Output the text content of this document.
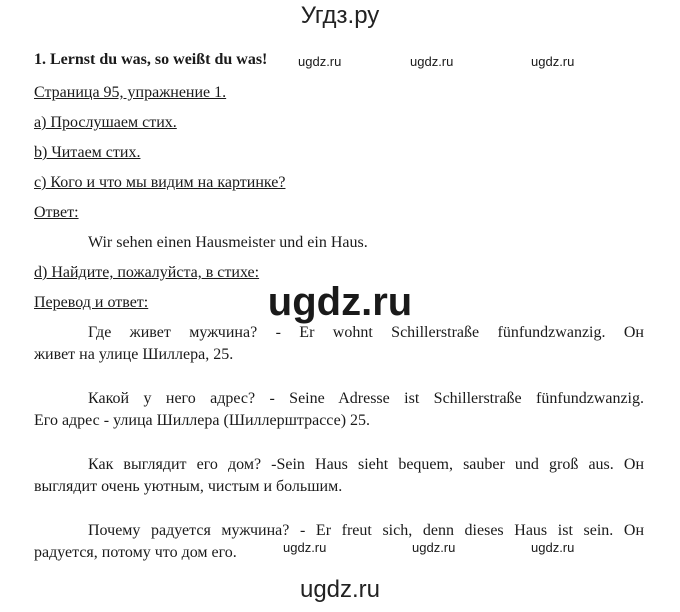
Угдз.ру
1. Lernst du was, so weißt du was! ugdz.ru	ugdz.ru	ugdz.ru
Страница 95, упражнение 1.
a) Прослушаем стих.
b) Читаем стих.
c) Кого и что мы видим на картинке?
Ответ:
Wir sehen einen Hausmeister und ein Haus.
d) Найдите, пожалуйста, в стихе:
Перевод и ответ:	ugdz.ru
Где живет мужчина? - Er wohnt Schillerstraße fünfundzwanzig. Он
живет на улице Шиллера, 25.
Какой у него адрес? - Seine Adresse ist Schillerstraße fünfundzwanzig.
Его адрес - улица Шиллера (Шиллерштрассе) 25.
Как выглядит его дом? -Sein Haus sieht bequem, sauber und groß aus. Он
выглядит очень уютным, чистым и большим.
Почему радуется мужчина? - Er freut sich, denn dieses Haus ist sein. Он
радуется, потому что дом его.	ugdz.ru	ugdz.ru	ugdz.ru
ugdz.ru
